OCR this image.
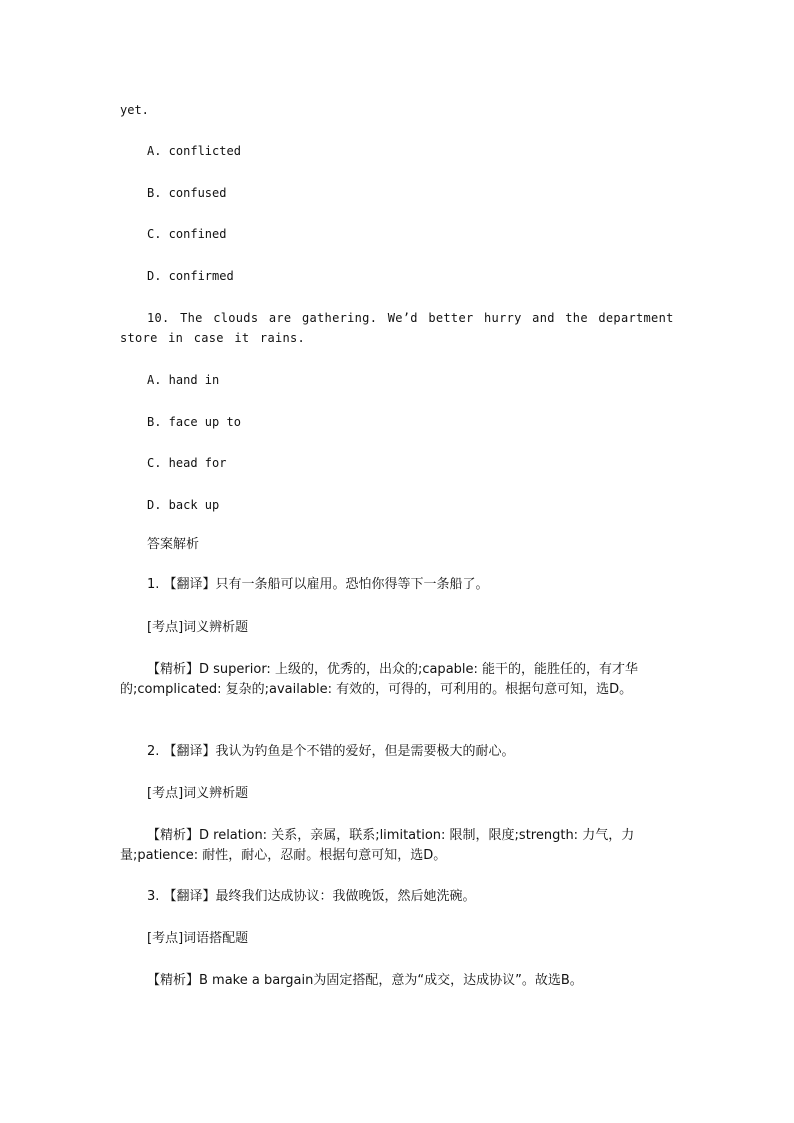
yet.
A. conflicted
B. confused
C. confined
D. confirmed
10. The clouds are gathering. We’d better hurry and the department store in case it rains.
A. hand in
B. face up to
C. head for
D. back up
答案解析
1. 【翻译】只有一条船可以雇用。恐怕你得等下一条船了。
[考点]词义辨析题
【精析】D superior: 上级的，优秀的，出众的;capable: 能干的，能胜任的，有才华的;complicated: 复杂的;available: 有效的，可得的，可利用的。根据句意可知，选D。
2. 【翻译】我认为钓鱼是个不错的爱好，但是需要极大的耐心。
[考点]词义辨析题
【精析】D relation: 关系，亲属，联系;limitation: 限制，限度;strength: 力气，力量;patience: 耐性，耐心，忍耐。根据句意可知，选D。
3. 【翻译】最终我们达成协议：我做晚饭，然后她洗碗。
[考点]词语搭配题
【精析】B make a bargain为固定搭配，意为“成交，达成协议”。故选B。
